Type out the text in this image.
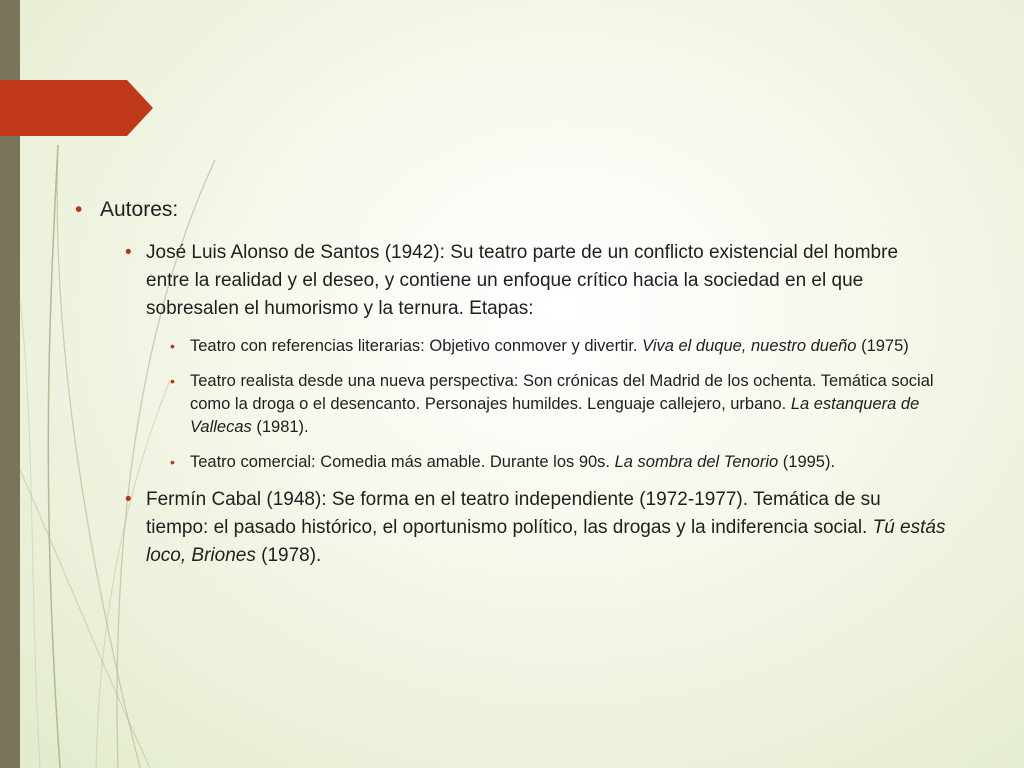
• Autores:
• José Luis Alonso de Santos (1942): Su teatro parte de un conflicto existencial del hombre entre la realidad y el deseo, y contiene un enfoque crítico hacia la sociedad en el que sobresalen el humorismo y la ternura. Etapas:
• Teatro con referencias literarias: Objetivo conmover y divertir. Viva el duque, nuestro dueño (1975)
• Teatro realista desde una nueva perspectiva: Son crónicas del Madrid de los ochenta. Temática social como la droga o el desencanto. Personajes humildes. Lenguaje callejero, urbano. La estanquera de Vallecas (1981).
• Teatro comercial: Comedia más amable. Durante los 90s. La sombra del Tenorio (1995).
• Fermín Cabal (1948): Se forma en el teatro independiente (1972-1977). Temática de su tiempo: el pasado histórico, el oportunismo político, las drogas y la indiferencia social. Tú estás loco, Briones (1978).
